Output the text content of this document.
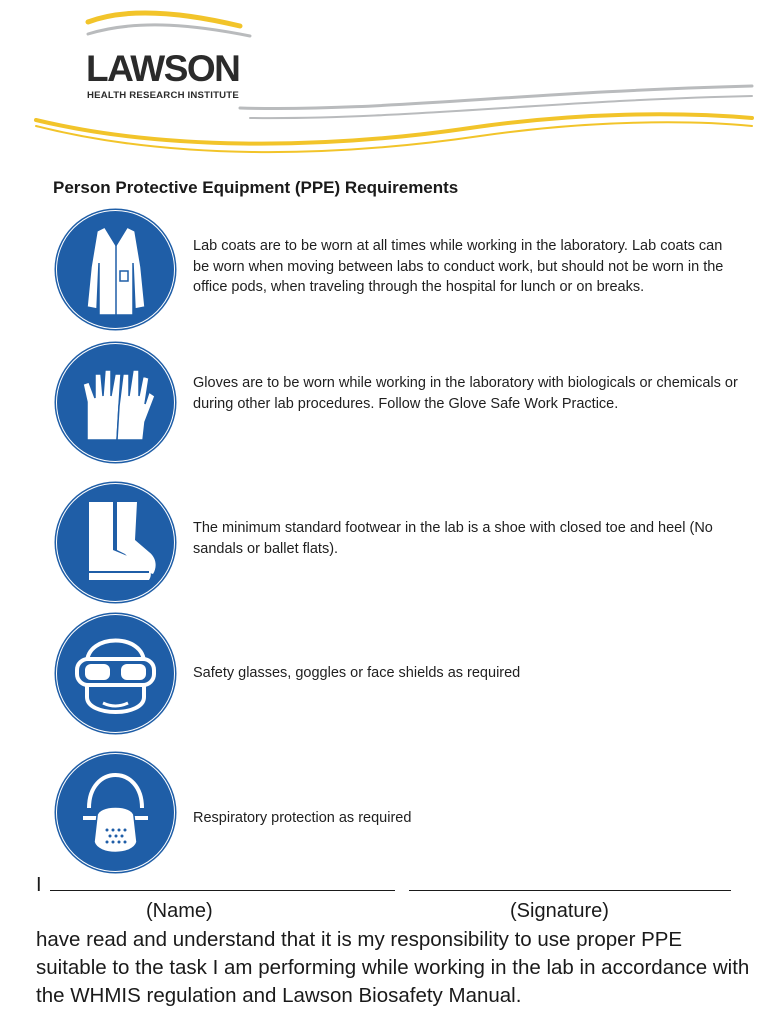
LAWSON

HEALTH RESEARCH INSTITUTE
Person Protective Equipment (PPE) Requirements
Lab coats are to be worn at all times while working in the laboratory. Lab coats can be worn when moving between labs to conduct work, but should not be worn in the office pods, when traveling through the hospital for lunch or on breaks.
Gloves are to be worn while working in the laboratory with biologicals or chemicals or during other lab procedures. Follow the Glove Safe Work Practice.
The minimum standard footwear in the lab is a shoe with closed toe and heel (No sandals or ballet flats).
Safety glasses, goggles or face shields as required
Respiratory protection as required
I
(Name)	(Signature)

have read and understand that it is my responsibility to use proper PPE suitable to the task I am performing while working in the lab in accordance with the WHMIS regulation and Lawson Biosafety Manual.
